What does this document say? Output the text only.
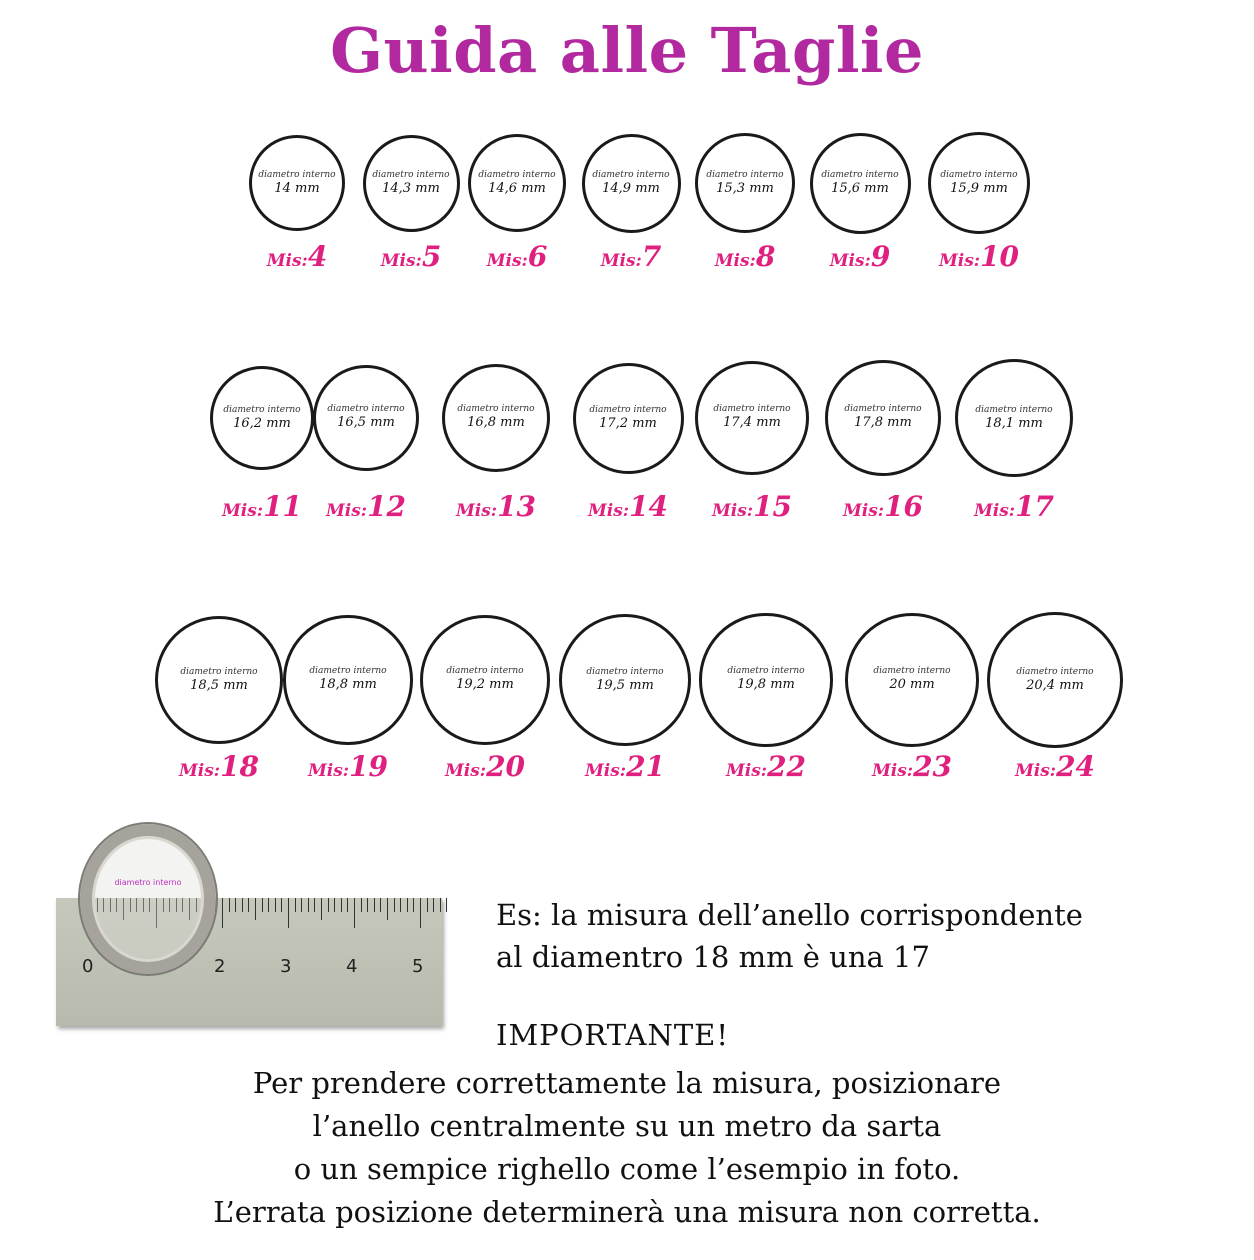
Guida alle Taglie
diametro interno
14 mm
Mis:4
diametro interno
14,3 mm
Mis:5
diametro interno
14,6 mm
Mis:6
diametro interno
14,9 mm
Mis:7
diametro interno
15,3 mm
Mis:8
diametro interno
15,6 mm
Mis:9
diametro interno
15,9 mm
Mis:10
diametro interno
16,2 mm
Mis:11
diametro interno
16,5 mm
Mis:12
diametro interno
16,8 mm
Mis:13
diametro interno
17,2 mm
Mis:14
diametro interno
17,4 mm
Mis:15
diametro interno
17,8 mm
Mis:16
diametro interno
18,1 mm
Mis:17
diametro interno
18,5 mm
Mis:18
diametro interno
18,8 mm
Mis:19
diametro interno
19,2 mm
Mis:20
diametro interno
19,5 mm
Mis:21
diametro interno
19,8 mm
Mis:22
diametro interno
20 mm
Mis:23
diametro interno
20,4 mm
Mis:24
0	1	2	3	4	5
diametro interno
Es: la misura dell’anello corrispondente
al diamentro 18 mm è una 17
IMPORTANTE!
Per prendere correttamente la misura, posizionare
l’anello centralmente su un metro da sarta
o un sempice righello come l’esempio in foto.
L’errata posizione determinerà una misura non corretta.
